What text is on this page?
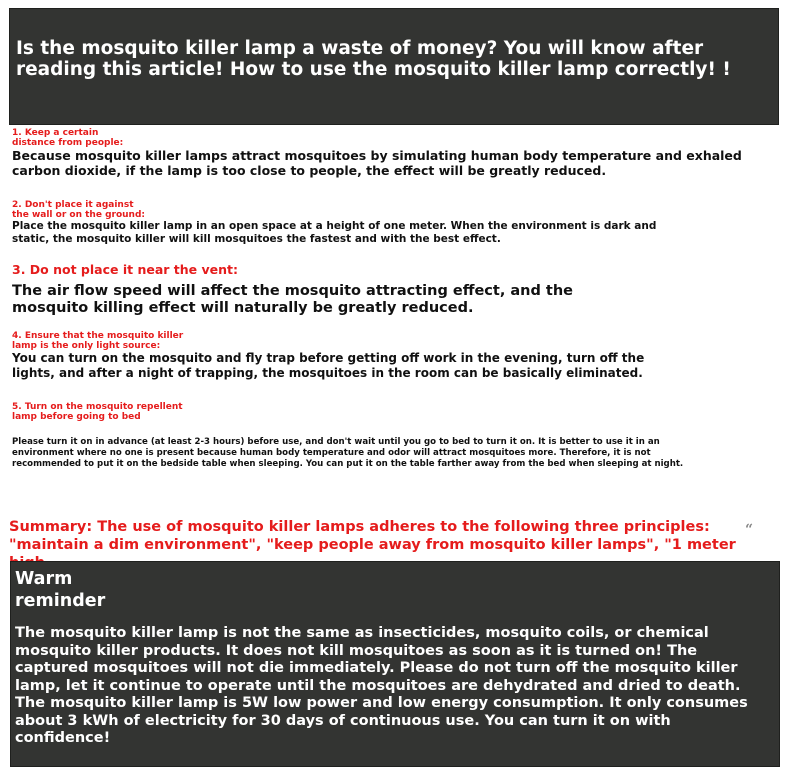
Is the mosquito killer lamp a waste of money? You will know after
reading this article! How to use the mosquito killer lamp correctly! !

1. Keep a certain
distance from people:

Because mosquito killer lamps attract mosquitoes by simulating human body temperature and exhaled
carbon dioxide, if the lamp is too close to people, the effect will be greatly reduced.

2. Don't place it against
the wall or on the ground:

Place the mosquito killer lamp in an open space at a height of one meter. When the environment is dark and
static, the mosquito killer will kill mosquitoes the fastest and with the best effect.

3. Do not place it near the vent:

The air flow speed will affect the mosquito attracting effect, and the
mosquito killing effect will naturally be greatly reduced.

4. Ensure that the mosquito killer
lamp is the only light source:

You can turn on the mosquito and fly trap before getting off work in the evening, turn off the
lights, and after a night of trapping, the mosquitoes in the room can be basically eliminated.

5. Turn on the mosquito repellent
lamp before going to bed

Please turn it on in advance (at least 2-3 hours) before use, and don't wait until you go to bed to turn it on. It is better to use it in an
environment where no one is present because human body temperature and odor will attract mosquitoes more. Therefore, it is not
recommended to put it on the bedside table when sleeping. You can put it on the table farther away from the bed when sleeping at night.

Summary: The use of mosquito killer lamps adheres to the following three principles:
"maintain a dim environment", "keep people away from mosquito killer lamps", "1 meter

“

Warm
reminder

The mosquito killer lamp is not the same as insecticides, mosquito coils, or chemical
mosquito killer products. It does not kill mosquitoes as soon as it is turned on! The
captured mosquitoes will not die immediately. Please do not turn off the mosquito killer
lamp, let it continue to operate until the mosquitoes are dehydrated and dried to death.
The mosquito killer lamp is 5W low power and low energy consumption. It only consumes
about 3 kWh of electricity for 30 days of continuous use. You can turn it on with confidence!
